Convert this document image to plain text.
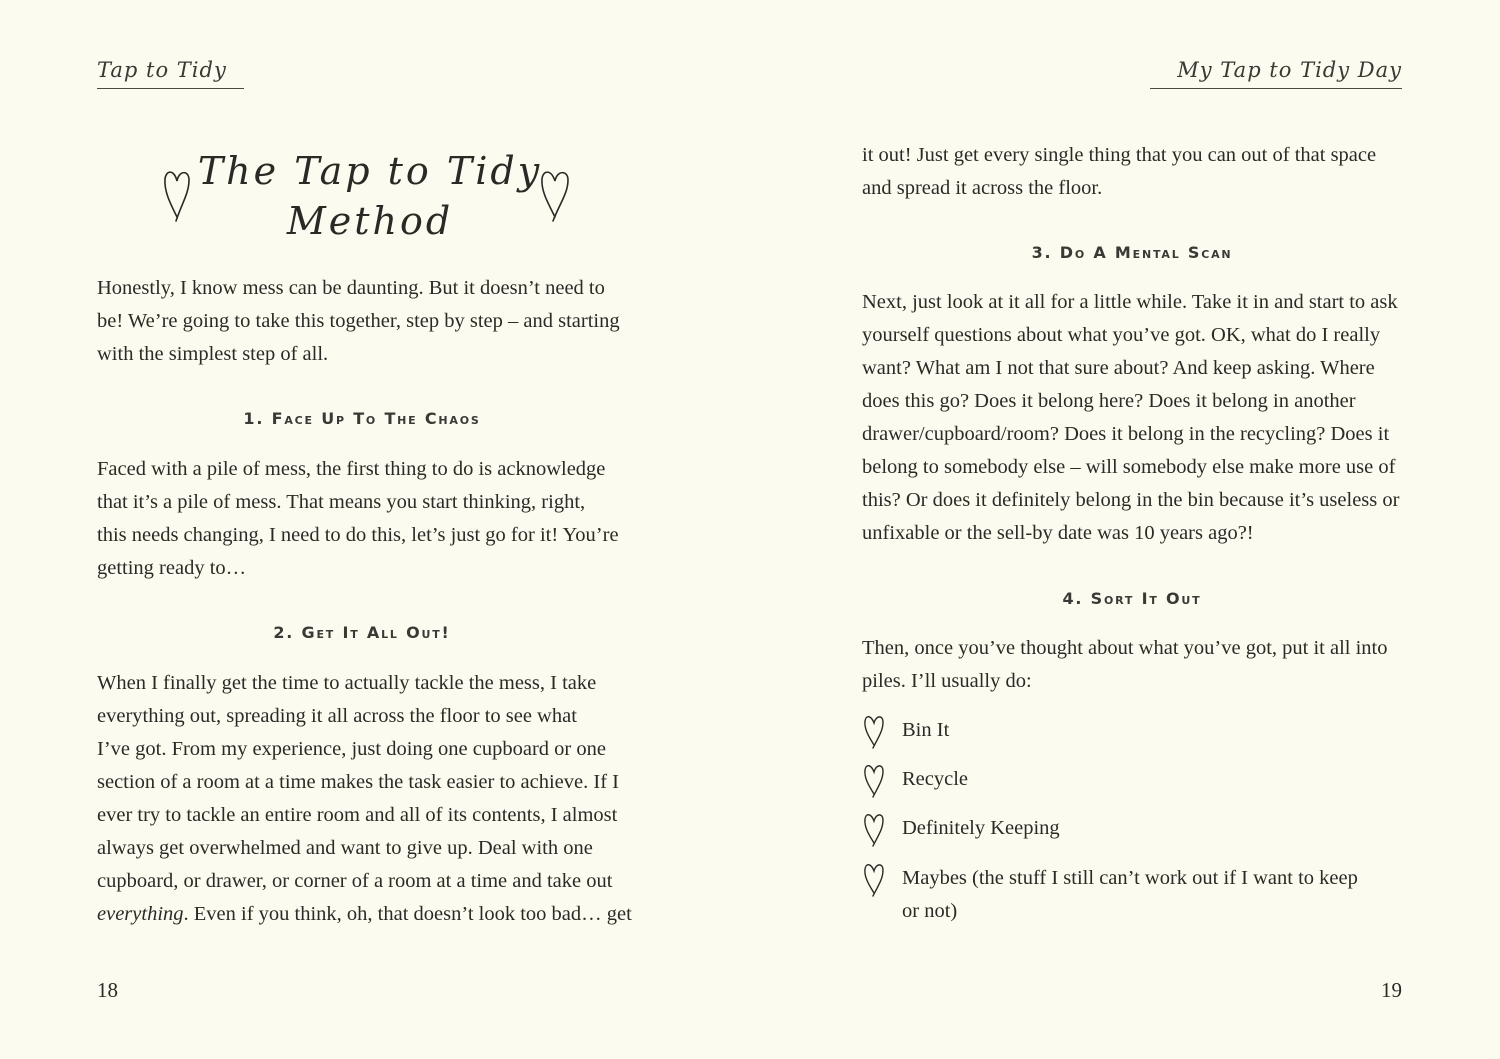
Tap to Tidy
The Tap to Tidy
Method

Honestly, I know mess can be daunting. But it doesn’t need to
be! We’re going to take this together, step by step – and starting
with the simplest step of all.

1. Face Up To The Chaos

Faced with a pile of mess, the first thing to do is acknowledge
that it’s a pile of mess. That means you start thinking, right,
this needs changing, I need to do this, let’s just go for it! You’re
getting ready to…

2. Get It All Out!

When I finally get the time to actually tackle the mess, I take
everything out, spreading it all across the floor to see what
I’ve got. From my experience, just doing one cupboard or one
section of a room at a time makes the task easier to achieve. If I
ever try to tackle an entire room and all of its contents, I almost
always get overwhelmed and want to give up. Deal with one
cupboard, or drawer, or corner of a room at a time and take out
everything. Even if you think, oh, that doesn’t look too bad… get

18
My Tap to Tidy Day

it out! Just get every single thing that you can out of that space
and spread it across the floor.

3. Do A Mental Scan

Next, just look at it all for a little while. Take it in and start to ask
yourself questions about what you’ve got. OK, what do I really
want? What am I not that sure about? And keep asking. Where
does this go? Does it belong here? Does it belong in another
drawer/cupboard/room? Does it belong in the recycling? Does it
belong to somebody else – will somebody else make more use of
this? Or does it definitely belong in the bin because it’s useless or
unfixable or the sell-by date was 10 years ago?!

4. Sort It Out

Then, once you’ve thought about what you’ve got, put it all into
piles. I’ll usually do:

Bin It
Recycle
Definitely Keeping
Maybes (the stuff I still can’t work out if I want to keep
or not)
19
